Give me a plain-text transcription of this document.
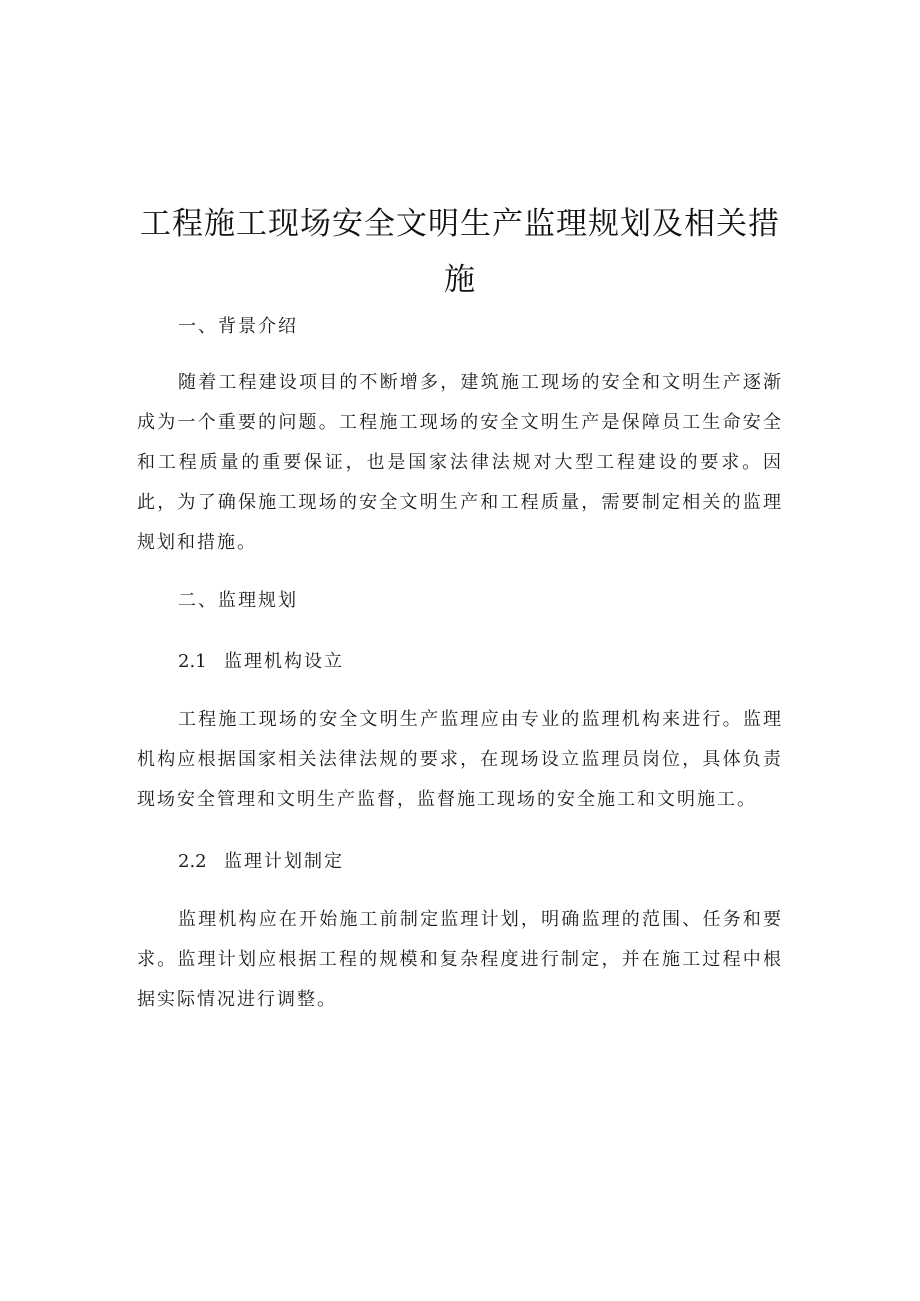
工程施工现场安全文明生产监理规划及相关措施
一、背景介绍
随着工程建设项目的不断增多，建筑施工现场的安全和文明生产逐渐成为一个重要的问题。工程施工现场的安全文明生产是保障员工生命安全和工程质量的重要保证，也是国家法律法规对大型工程建设的要求。因此，为了确保施工现场的安全文明生产和工程质量，需要制定相关的监理规划和措施。
二、监理规划
2.1 监理机构设立
工程施工现场的安全文明生产监理应由专业的监理机构来进行。监理机构应根据国家相关法律法规的要求，在现场设立监理员岗位，具体负责现场安全管理和文明生产监督，监督施工现场的安全施工和文明施工。
2.2 监理计划制定
监理机构应在开始施工前制定监理计划，明确监理的范围、任务和要求。监理计划应根据工程的规模和复杂程度进行制定，并在施工过程中根据实际情况进行调整。
